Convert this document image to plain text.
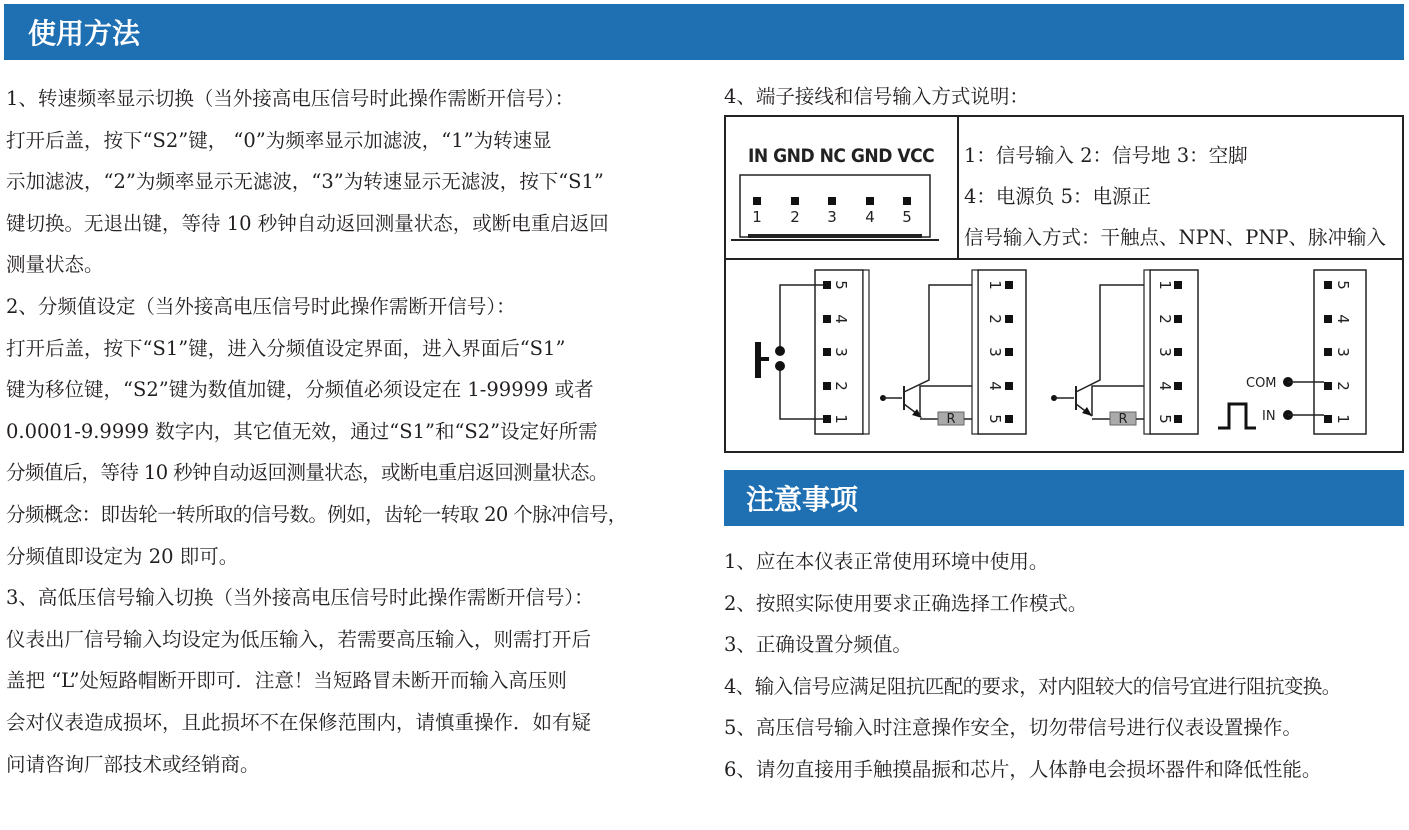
使用方法
1、转速频率显示切换（当外接高电压信号时此操作需断开信号）：
打开后盖，按下“S2”键， “0”为频率显示加滤波，“1”为转速显
示加滤波，“2”为频率显示无滤波，“3”为转速显示无滤波，按下“S1”
键切换。无退出键，等待 10 秒钟自动返回测量状态，或断电重启返回
测量状态。
2、分频值设定（当外接高电压信号时此操作需断开信号）：
打开后盖，按下“S1”键，进入分频值设定界面，进入界面后“S1”
键为移位键，“S2”键为数值加键，分频值必须设定在 1-99999 或者
0.0001-9.9999 数字内，其它值无效，通过“S1”和“S2”设定好所需
分频值后，等待 10 秒钟自动返回测量状态，或断电重启返回测量状态。
分频概念：即齿轮一转所取的信号数。例如，齿轮一转取 20 个脉冲信号，
分频值即设定为 20 即可。
3、高低压信号输入切换（当外接高电压信号时此操作需断开信号）：
仪表出厂信号输入均设定为低压输入，若需要高压输入，则需打开后
盖把 “L”处短路帽断开即可．注意！当短路冒未断开而输入高压则
会对仪表造成损坏，且此损坏不在保修范围内，请慎重操作．如有疑
问请咨询厂部技术或经销商。
4、端子接线和信号输入方式说明：
IN GND NC GND VCC
1 2 3 4 5
1：信号输入 2：信号地 3：空脚
4：电源负 5：电源正
信号输入方式：干触点、NPN、PNP、脉冲输入
5
4
3
2
1
1
2
3
4
5
R
1
2
3
4
5
R
5
4
3
2
1
COM
IN
注意事项
1、应在本仪表正常使用环境中使用。
2、按照实际使用要求正确选择工作模式。
3、正确设置分频值。
4、输入信号应满足阻抗匹配的要求，对内阻较大的信号宜进行阻抗变换。
5、高压信号输入时注意操作安全，切勿带信号进行仪表设置操作。
6、请勿直接用手触摸晶振和芯片，人体静电会损坏器件和降低性能。
